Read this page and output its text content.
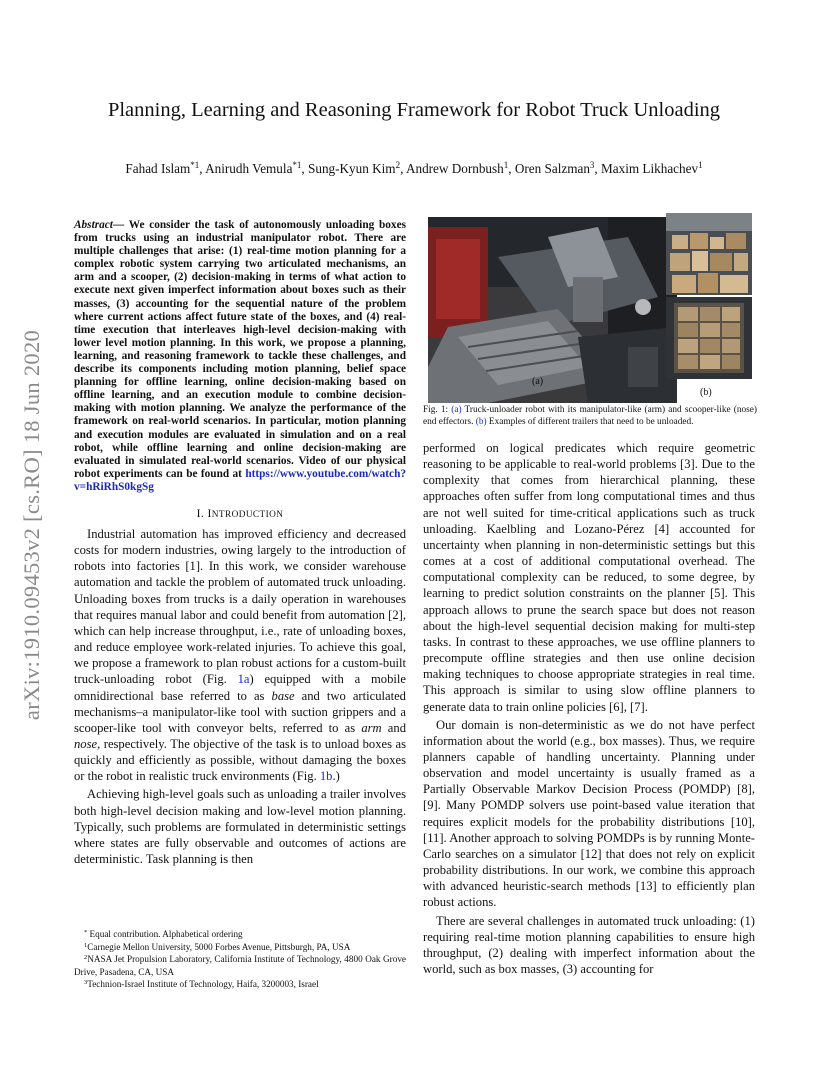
arXiv:1910.09453v2 [cs.RO] 18 Jun 2020
Planning, Learning and Reasoning Framework for Robot Truck Unloading
Fahad Islam$^{*1}$, Anirudh Vemula$^{*1}$, Sung-Kyun Kim$^2$, Andrew Dornbush$^1$, Oren Salzman$^3$, Maxim Likhachev$^1$

Abstract— We consider the task of autonomously unloading boxes from trucks using an industrial manipulator robot. There are multiple challenges that arise: (1) real-time motion planning for a complex robotic system carrying two articulated mechanisms, an arm and a scooper, (2) decision-making in terms of what action to execute next given imperfect information about boxes such as their masses, (3) accounting for the sequential nature of the problem where current actions affect future state of the boxes, and (4) real-time execution that interleaves high-level decision-making with lower level motion planning. In this work, we propose a planning, learning, and reasoning framework to tackle these challenges, and describe its components including motion planning, belief space planning for offline learning, online decision-making based on offline learning, and an execution module to combine decision-making with motion planning. We analyze the performance of the framework on real-world scenarios. In particular, motion planning and execution modules are evaluated in simulation and on a real robot, while offline learning and online decision-making are evaluated in simulated real-world scenarios. Video of our physical robot experiments can be found at https://www.youtube.com/watch?v=hRiRhS0kgSg

I. INTRODUCTION

Industrial automation has improved efficiency and decreased costs for modern industries, owing largely to the introduction of robots into factories [1]. In this work, we consider warehouse automation and tackle the problem of automated truck unloading. Unloading boxes from trucks is a daily operation in warehouses that requires manual labor and could benefit from automation [2], which can help increase throughput, i.e., rate of unloading boxes, and reduce employee work-related injuries. To achieve this goal, we propose a framework to plan robust actions for a custom-built truck-unloading robot (Fig. 1a) equipped with a mobile omnidirectional base referred to as base and two articulated mechanisms–a manipulator-like tool with suction grippers and a scooper-like tool with conveyor belts, referred to as arm and nose, respectively. The objective of the task is to unload boxes as quickly and efficiently as possible, without damaging the boxes or the robot in realistic truck environments (Fig. 1b.)

Achieving high-level goals such as unloading a trailer involves both high-level decision making and low-level motion planning. Typically, such problems are formulated in deterministic settings where states are fully observable and outcomes of actions are deterministic. Task planning is then

* Equal contribution. Alphabetical ordering

$^1$Carnegie Mellon University, 5000 Forbes Avenue, Pittsburgh, PA, USA

$^2$NASA Jet Propulsion Laboratory, California Institute of Technology, 4800 Oak Grove Drive, Pasadena, CA, USA

$^3$Technion-Israel Institute of Technology, Haifa, 3200003, Israel

(a)
(b)
Fig. 1: (a) Truck-unloader robot with its manipulator-like (arm) and scooper-like (nose) end effectors. (b) Examples of different trailers that need to be unloaded.

performed on logical predicates which require geometric reasoning to be applicable to real-world problems [3]. Due to the complexity that comes from hierarchical planning, these approaches often suffer from long computational times and thus are not well suited for time-critical applications such as truck unloading. Kaelbling and Lozano-Pérez [4] accounted for uncertainty when planning in non-deterministic settings but this comes at a cost of additional computational overhead. The computational complexity can be reduced, to some degree, by learning to predict solution constraints on the planner [5]. This approach allows to prune the search space but does not reason about the high-level sequential decision making for multi-step tasks. In contrast to these approaches, we use offline planners to precompute offline strategies and then use online decision making techniques to choose appropriate strategies in real time. This approach is similar to using slow offline planners to generate data to train online policies [6], [7].

Our domain is non-deterministic as we do not have perfect information about the world (e.g., box masses). Thus, we require planners capable of handling uncertainty. Planning under observation and model uncertainty is usually framed as a Partially Observable Markov Decision Process (POMDP) [8], [9]. Many POMDP solvers use point-based value iteration that requires explicit models for the probability distributions [10], [11]. Another approach to solving POMDPs is by running Monte-Carlo searches on a simulator [12] that does not rely on explicit probability distributions. In our work, we combine this approach with advanced heuristic-search methods [13] to efficiently plan robust actions.

There are several challenges in automated truck unloading: (1) requiring real-time motion planning capabilities to ensure high throughput, (2) dealing with imperfect information about the world, such as box masses, (3) accounting for
